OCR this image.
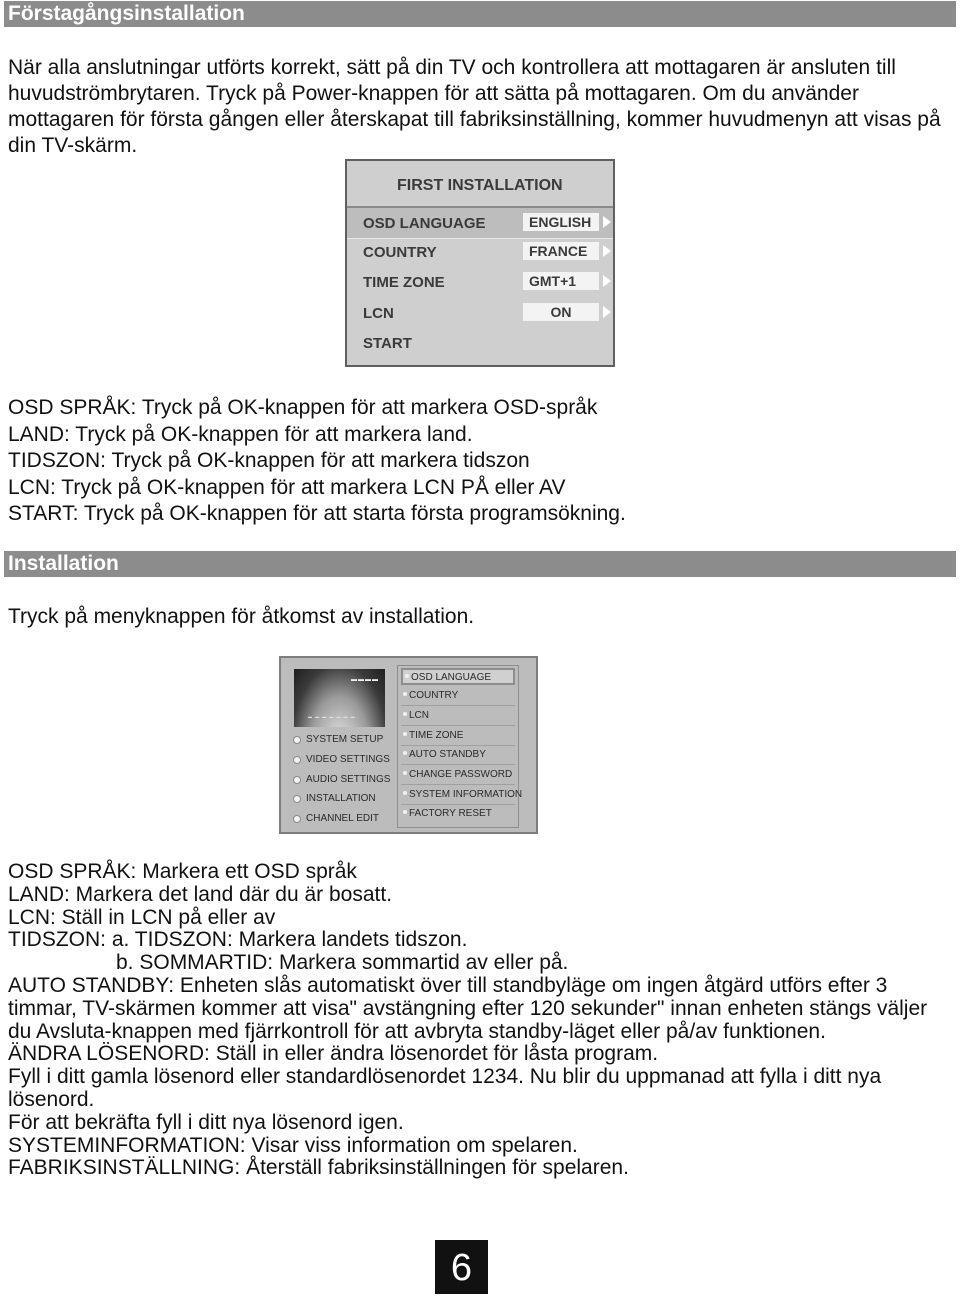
Förstagångsinstallation

När alla anslutningar utförts korrekt, sätt på din TV och kontrollera att mottagaren är ansluten till huvudströmbrytaren. Tryck på Power-knappen för att sätta på mottagaren. Om du använder mottagaren för första gången eller återskapat till fabriksinställning, kommer huvudmenyn att visas på din TV-skärm.

FIRST INSTALLATION
OSD LANGUAGE	ENGLISH
COUNTRY	FRANCE
TIME ZONE	GMT+1
LCN	ON
START
OSD SPRÅK: Tryck på OK-knappen för att markera OSD-språk
LAND: Tryck på OK-knappen för att markera land.
TIDSZON: Tryck på OK-knappen för att markera tidszon
LCN: Tryck på OK-knappen för att markera LCN PÅ eller AV
START: Tryck på OK-knappen för att starta första programsökning.
Installation

Tryck på menyknappen för åtkomst av installation.

▬▬▬▬
▬ ▬ ▬ ▬ ▬ ▬ ▬
SYSTEM SETUP
VIDEO SETTINGS
AUDIO SETTINGS
INSTALLATION
CHANNEL EDIT
OSD LANGUAGE
COUNTRY
LCN
TIME ZONE
AUTO STANDBY
CHANGE PASSWORD
SYSTEM INFORMATION
FACTORY RESET
OSD SPRÅK: Markera ett OSD språk
LAND: Markera det land där du är bosatt.
LCN: Ställ in LCN på eller av
TIDSZON: a. TIDSZON: Markera landets tidszon.
b. SOMMARTID: Markera sommartid av eller på.
AUTO STANDBY: Enheten slås automatiskt över till standbyläge om ingen åtgärd utförs efter 3 timmar, TV-skärmen kommer att visa" avstängning efter 120 sekunder" innan enheten stängs väljer du Avsluta-knappen med fjärrkontroll för att avbryta standby-läget eller på/av funktionen.
ÄNDRA LÖSENORD: Ställ in eller ändra lösenordet för låsta program.
Fyll i ditt gamla lösenord eller standardlösenordet 1234. Nu blir du uppmanad att fylla i ditt nya lösenord.
För att bekräfta fyll i ditt nya lösenord igen.
SYSTEMINFORMATION: Visar viss information om spelaren.
FABRIKSINSTÄLLNING: Återställ fabriksinställningen för spelaren.
6
